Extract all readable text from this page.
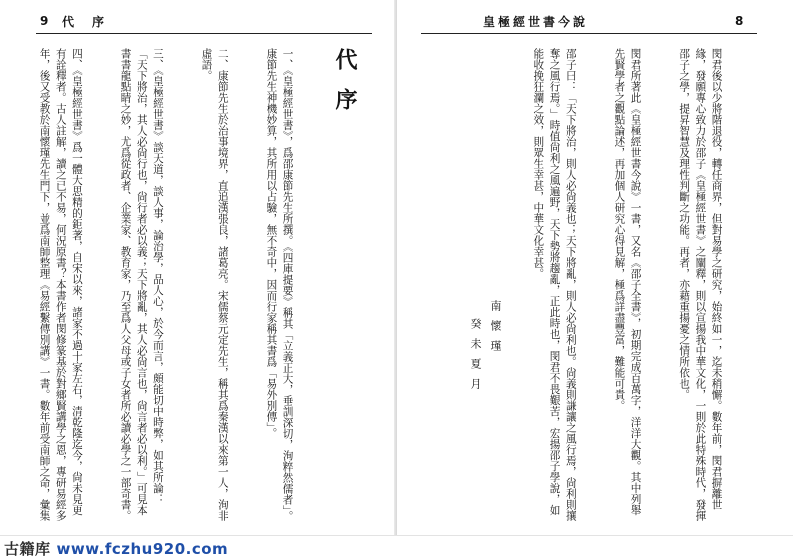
9 代　序
代序

一、《皇極經世書》，爲邵康節先生所撰。《四庫提要》稱其「立義正大，垂訓深切，洵粹然儒者」。康節先生神機妙算，其所用以占驗，無不奇中，因而行家稱其書爲「易外別傳」。

二、康節先生於治事境界，直追漢張良，諸葛亮。宋儒蔡元定先生，稱其爲秦漢以來第一人，洵非虛語。

三、《皇極經世書》談天道，談人事，論治學，品人心，於今而言，頗能切中時弊，如其所論：「天下將治，其人必尙行也，尙行者必以義；天下將亂，其人必尙言也，尙言者必以利。」可見本書書龍點睛之妙，尤爲從政者、企業家、教育家，乃至爲人父母或子女者所必讀必學之一部奇書。

四、《皇極經世書》爲一體大思精的鉅著，自宋以來，諸家不過十家左右，清乾隆迄今，尙未見更有詮釋者。古人註解，讀之已不易，何況原書？本書作者閔修篆基於對鄉賢講學之恩，專研易經多年，後又受教於南懷瑾先生門下，並爲南師整理《易經繫傳別講》一書。數年前受南師之命，彙集

皇極經世書今說	8

閔君後以少將階退役，轉任商界，但對易學之研究，始終如一，迄未稍懈。數年前，閔君摒離世緣，發願專心致力於邵子《皇極經世書》之闡釋，則以宣揚我中華文化，一則於此特殊時代，發揮邵子之學，提昇智慧及理性判斷之功能。再者，亦藉重揚憂之情所依也。

閔君所著此《皇極經世書今說》一書，又名《邵子全書》，初期完成百萬字，洋洋大觀。其中列舉先賢學者之觀點論述，再加個人研究心得見解，極爲詳盡豐富，難能可貴。

邵子曰：「天下將治，則人必尙義也；天下將亂，則人必尙利也。尙義則謙讓之風行焉，尙利則攘奪之風行焉。」時值尙利之風遍野，天下勢將趨亂，正此時也，閔君不畏艱苦，宏揚邵子學說，如能收挽狂瀾之效，則眾生幸甚，中華文化幸甚。

南懷瑾
癸未夏月
古籍库 www.fczhu920.com
